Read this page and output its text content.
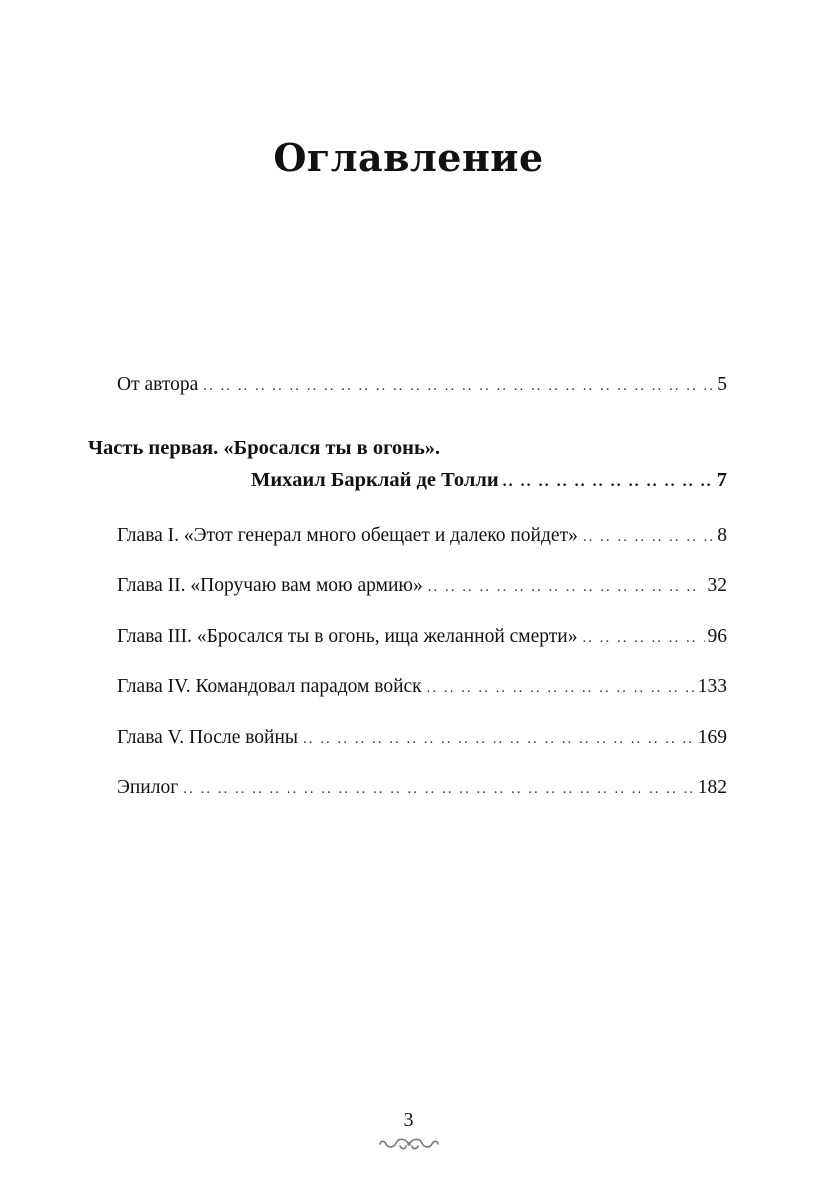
Оглавление
От автора .. ..	5
Часть первая. «Бросался ты в огонь».
Михаил Барклай де Толли .. ..	7
Глава I. «Этот генерал много обещает и далеко пойдет» .. ..	8
Глава II. «Поручаю вам мою армию» .. ..	32
Глава III. «Бросался ты в огонь, ища желанной смерти» .. ..	96
Глава IV. Командовал парадом войск .. ..	133
Глава V. После войны .. ..	169
Эпилог .. ..	182
3
